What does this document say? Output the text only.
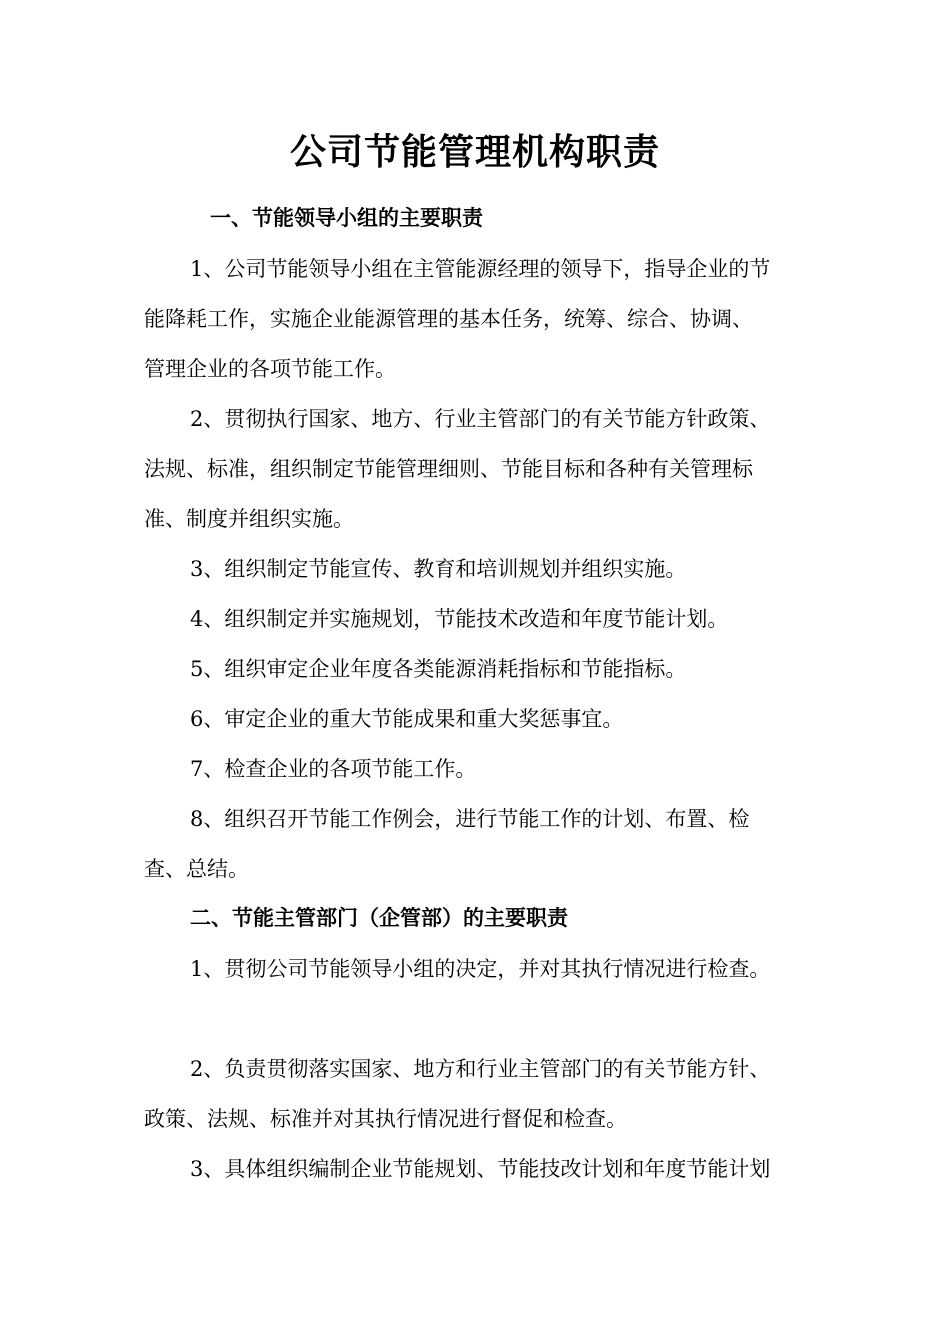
公司节能管理机构职责
一、节能领导小组的主要职责
1、公司节能领导小组在主管能源经理的领导下，指导企业的节
能降耗工作，实施企业能源管理的基本任务，统筹、综合、协调、
管理企业的各项节能工作。
2、贯彻执行国家、地方、行业主管部门的有关节能方针政策、
法规、标准，组织制定节能管理细则、节能目标和各种有关管理标
准、制度并组织实施。
3、组织制定节能宣传、教育和培训规划并组织实施。
4、组织制定并实施规划，节能技术改造和年度节能计划。
5、组织审定企业年度各类能源消耗指标和节能指标。
6、审定企业的重大节能成果和重大奖惩事宜。
7、检查企业的各项节能工作。
8、组织召开节能工作例会，进行节能工作的计划、布置、检
查、总结。
二、节能主管部门（企管部）的主要职责
1、贯彻公司节能领导小组的决定，并对其执行情况进行检查。
2、负责贯彻落实国家、地方和行业主管部门的有关节能方针、
政策、法规、标准并对其执行情况进行督促和检查。
3、具体组织编制企业节能规划、节能技改计划和年度节能计划
